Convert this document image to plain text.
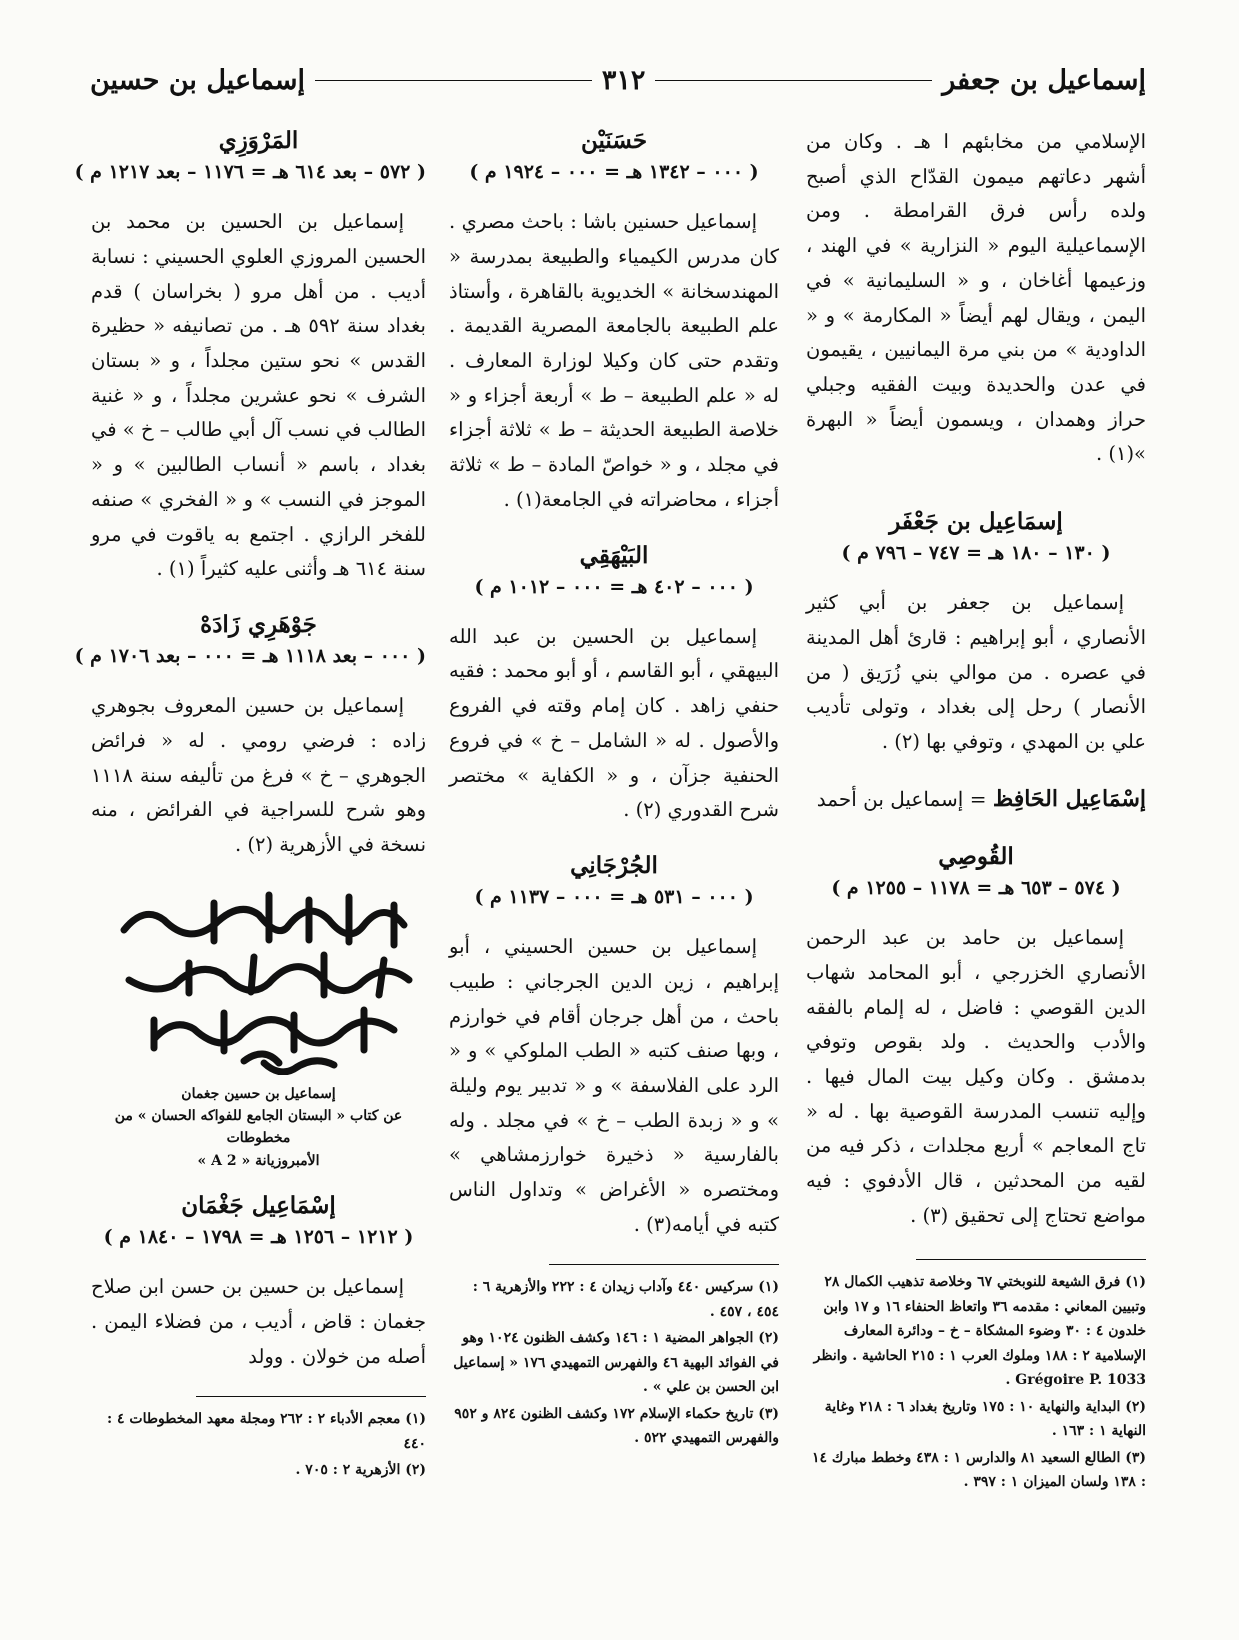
إسماعيل بن جعفر
٣١٢
إسماعيل بن حسين

الإسلامي من مخابئهم ا هـ . وكان من أشهر دعاتهم ميمون القدّاح الذي أصبح ولده رأس فرق القرامطة . ومن الإسماعيلية اليوم « النزارية » في الهند ، وزعيمها أغاخان ، و « السليمانية » في اليمن ، ويقال لهم أيضاً « المكارمة » و « الداودية » من بني مرة اليمانيين ، يقيمون في عدن والحديدة وبيت الفقيه وجبلي حراز وهمدان ، ويسمون أيضاً « البهرة »(١) .

إسمَاعِيل بن جَعْفَر

( ١٣٠ – ١٨٠ هـ = ٧٤٧ – ٧٩٦ م )

إسماعيل بن جعفر بن أبي كثير الأنصاري ، أبو إبراهيم : قارئ أهل المدينة في عصره . من موالي بني زُرَيق ( من الأنصار ) رحل إلى بغداد ، وتولى تأديب علي بن المهدي ، وتوفي بها (٢) .

إسْمَاعِيل الحَافِظ = إسماعيل بن أحمد

القُوصِي

( ٥٧٤ – ٦٥٣ هـ = ١١٧٨ – ١٢٥٥ م )

إسماعيل بن حامد بن عبد الرحمن الأنصاري الخزرجي ، أبو المحامد شهاب الدين القوصي : فاضل ، له إلمام بالفقه والأدب والحديث . ولد بقوص وتوفي بدمشق . وكان وكيل بيت المال فيها . وإليه تنسب المدرسة القوصية بها . له « تاج المعاجم » أربع مجلدات ، ذكر فيه من لقيه من المحدثين ، قال الأدفوي : فيه مواضع تحتاج إلى تحقيق (٣) .

(١) فرق الشيعة للنوبختي ٦٧ وخلاصة تذهيب الكمال ٢٨ وتبيين المعاني : مقدمه ٣٦ واتعاظ الحنفاء ١٦ و ١٧ وابن خلدون ٤ : ٣٠ وضوء المشكاة – خ – ودائرة المعارف الإسلامية ٢ : ١٨٨ وملوك العرب ١ : ٢١٥ الحاشية . وانظر Grégoire P. 1033 .

(٢) البداية والنهاية ١٠ : ١٧٥ وتاريخ بغداد ٦ : ٢١٨ وغاية النهاية ١ : ١٦٣ .

(٣) الطالع السعيد ٨١ والدارس ١ : ٤٣٨ وخطط مبارك ١٤ : ١٣٨ ولسان الميزان ١ : ٣٩٧ .

حَسَنَيْن

( ٠٠٠ – ١٣٤٢ هـ = ٠٠٠ – ١٩٢٤ م )

إسماعيل حسنين باشا : باحث مصري . كان مدرس الكيمياء والطبيعة بمدرسة « المهندسخانة » الخديوية بالقاهرة ، وأستاذ علم الطبيعة بالجامعة المصرية القديمة . وتقدم حتى كان وكيلا لوزارة المعارف . له « علم الطبيعة – ط » أربعة أجزاء و « خلاصة الطبيعة الحديثة – ط » ثلاثة أجزاء في مجلد ، و « خواصّ المادة – ط » ثلاثة أجزاء ، محاضراته في الجامعة(١) .

البَيْهَقِي

( ٠٠٠ – ٤٠٢ هـ = ٠٠٠ – ١٠١٢ م )

إسماعيل بن الحسين بن عبد الله البيهقي ، أبو القاسم ، أو أبو محمد : فقيه حنفي زاهد . كان إمام وقته في الفروع والأصول . له « الشامل – خ » في فروع الحنفية جزآن ، و « الكفاية » مختصر شرح القدوري (٢) .

الجُرْجَانِي

( ٠٠٠ – ٥٣١ هـ = ٠٠٠ – ١١٣٧ م )

إسماعيل بن حسين الحسيني ، أبو إبراهيم ، زين الدين الجرجاني : طبيب باحث ، من أهل جرجان أقام في خوارزم ، وبها صنف كتبه « الطب الملوكي » و « الرد على الفلاسفة » و « تدبير يوم وليلة » و « زبدة الطب – خ » في مجلد . وله بالفارسية « ذخيرة خوارزمشاهي » ومختصره « الأغراض » وتداول الناس كتبه في أيامه(٣) .

(١) سركيس ٤٤٠ وآداب زيدان ٤ : ٢٢٢ والأزهرية ٦ : ٤٥٤ ، ٤٥٧ .

(٢) الجواهر المضية ١ : ١٤٦ وكشف الظنون ١٠٢٤ وهو في الفوائد البهية ٤٦ والفهرس التمهيدي ١٧٦ « إسماعيل ابن الحسن بن علي » .

(٣) تاريخ حكماء الإسلام ١٧٢ وكشف الظنون ٨٢٤ و ٩٥٢ والفهرس التمهيدي ٥٢٢ .

المَرْوَزِي

( ٥٧٢ – بعد ٦١٤ هـ = ١١٧٦ – بعد ١٢١٧ م )

إسماعيل بن الحسين بن محمد بن الحسين المروزي العلوي الحسيني : نسابة أديب . من أهل مرو ( بخراسان ) قدم بغداد سنة ٥٩٢ هـ . من تصانيفه « حظيرة القدس » نحو ستين مجلداً ، و « بستان الشرف » نحو عشرين مجلداً ، و « غنية الطالب في نسب آل أبي طالب – خ » في بغداد ، باسم « أنساب الطالبين » و « الموجز في النسب » و « الفخري » صنفه للفخر الرازي . اجتمع به ياقوت في مرو سنة ٦١٤ هـ وأثنى عليه كثيراً (١) .

جَوْهَرِي زَادَهْ

( ٠٠٠ – بعد ١١١٨ هـ = ٠٠٠ – بعد ١٧٠٦ م )

إسماعيل بن حسين المعروف بجوهري زاده : فرضي رومي . له « فرائض الجوهري – خ » فرغ من تأليفه سنة ١١١٨ وهو شرح للسراجية في الفرائض ، منه نسخة في الأزهرية (٢) .

إسماعيل بن حسين جغمان
عن كتاب « البستان الجامع للفواكه الحسان » من مخطوطات
الأمبروزيانة « A 2 »

إسْمَاعِيل جَغْمَان

( ١٢١٢ – ١٢٥٦ هـ = ١٧٩٨ – ١٨٤٠ م )

إسماعيل بن حسين بن حسن ابن صلاح جغمان : قاض ، أديب ، من فضلاء اليمن . أصله من خولان . وولد

(١) معجم الأدباء ٢ : ٢٦٢ ومجلة معهد المخطوطات ٤ : ٤٤٠

(٢) الأزهرية ٢ : ٧٠٥ .
